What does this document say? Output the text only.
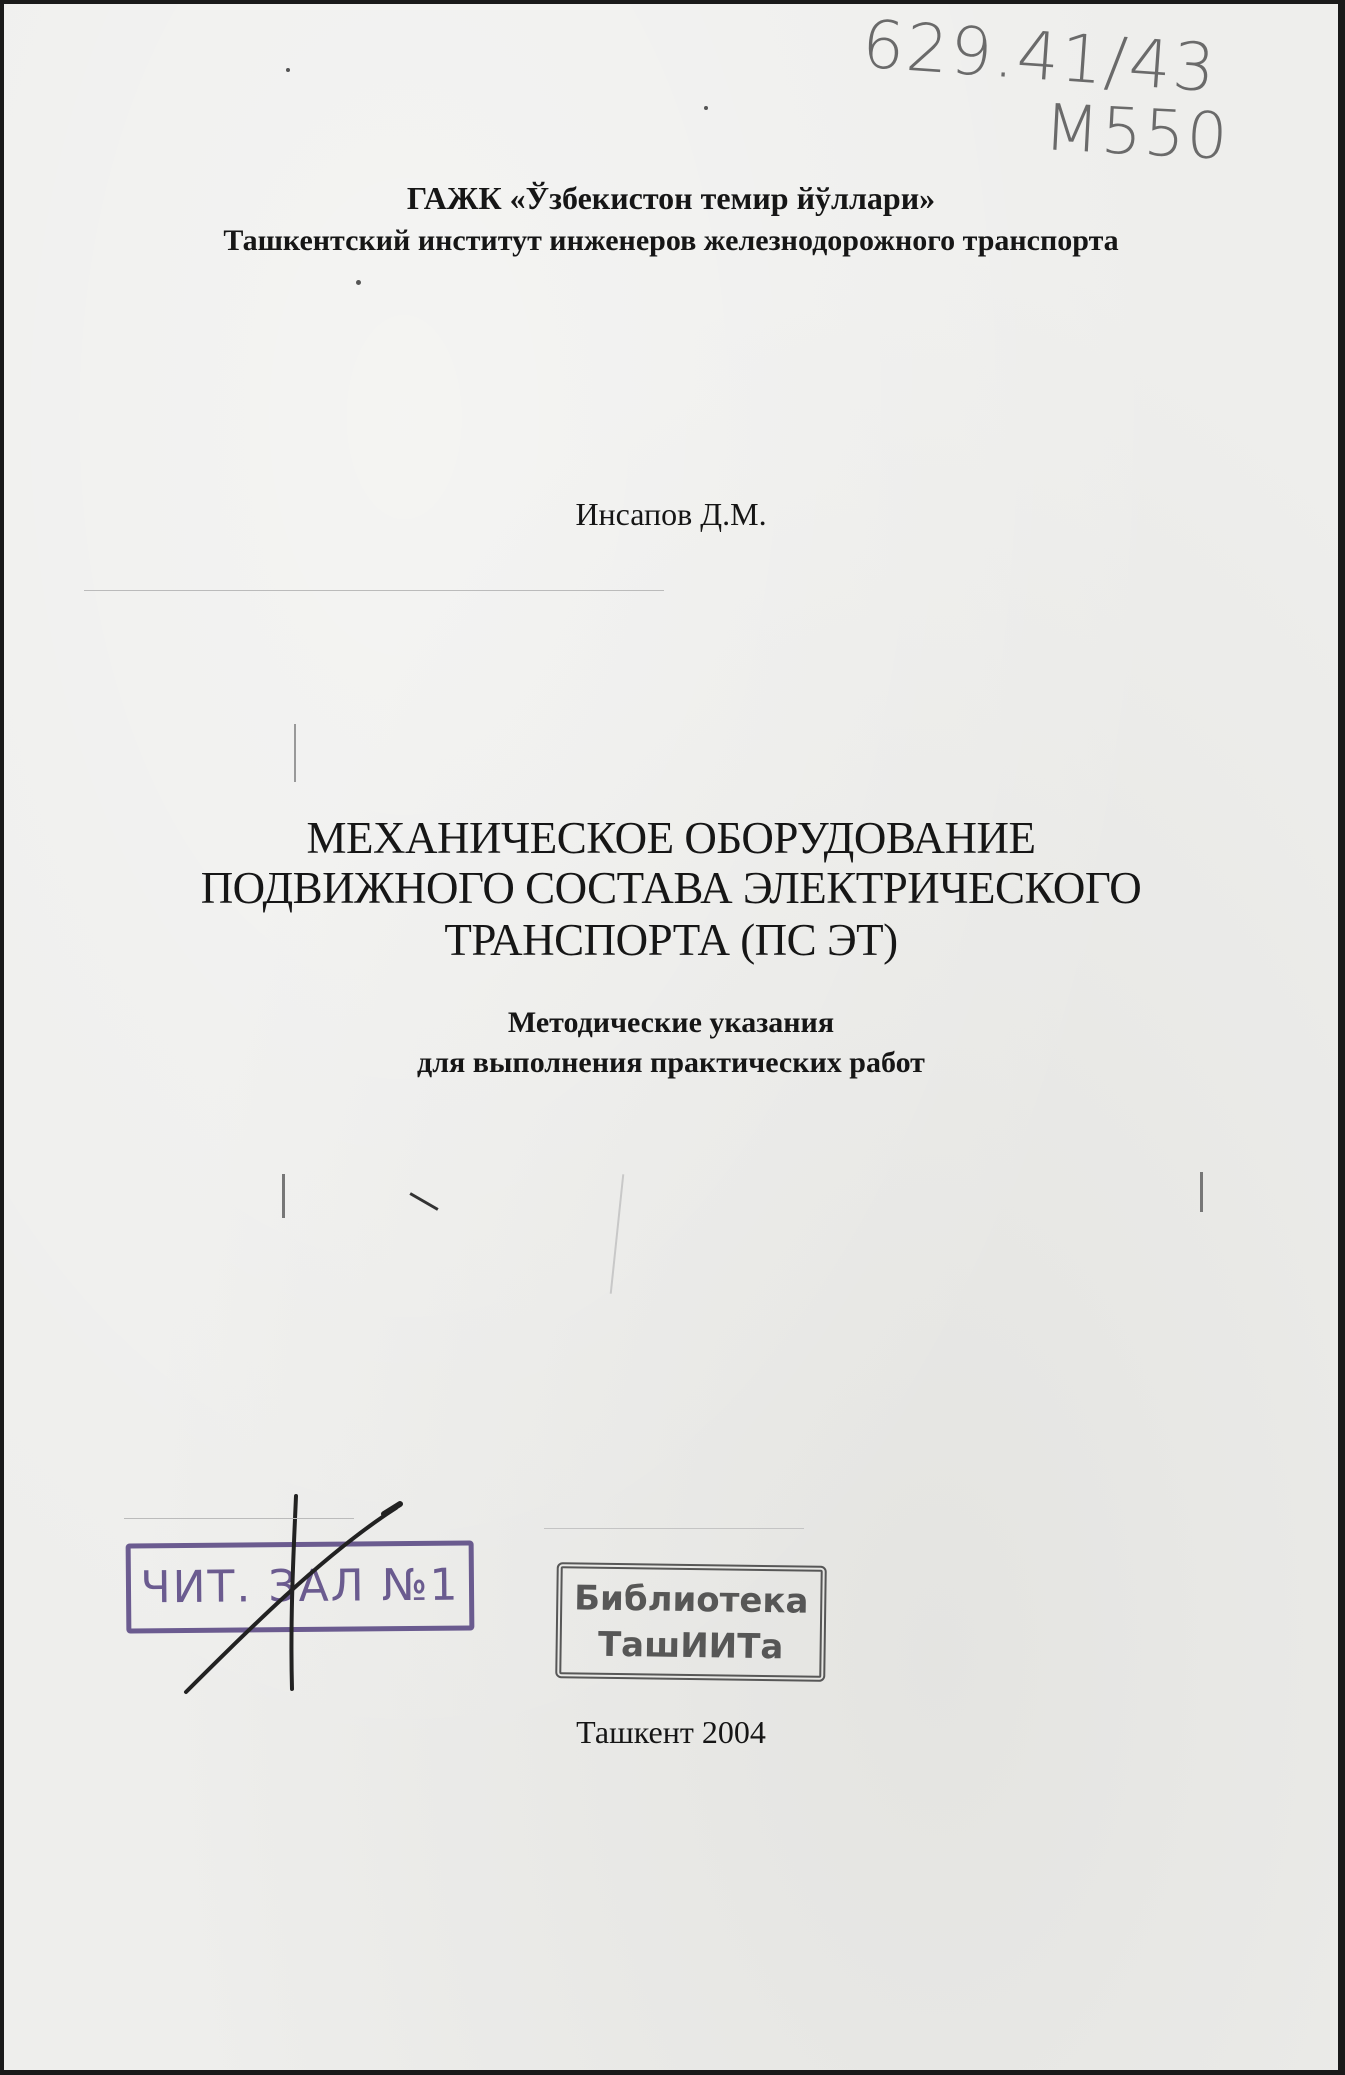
629.41/43
M550
ГАЖК «Ўзбекистон темир йўллари»
Ташкентский институт инженеров железнодорожного транспорта
Инсапов Д.М.
МЕХАНИЧЕСКОЕ ОБОРУДОВАНИЕ
ПОДВИЖНОГО СОСТАВА ЭЛЕКТРИЧЕСКОГО
ТРАНСПОРТА (ПС ЭТ)
Методические указания
для выполнения практических работ
ЧИТ. ЗАЛ №1	Библиотека
ТашИИТа
Ташкент 2004
